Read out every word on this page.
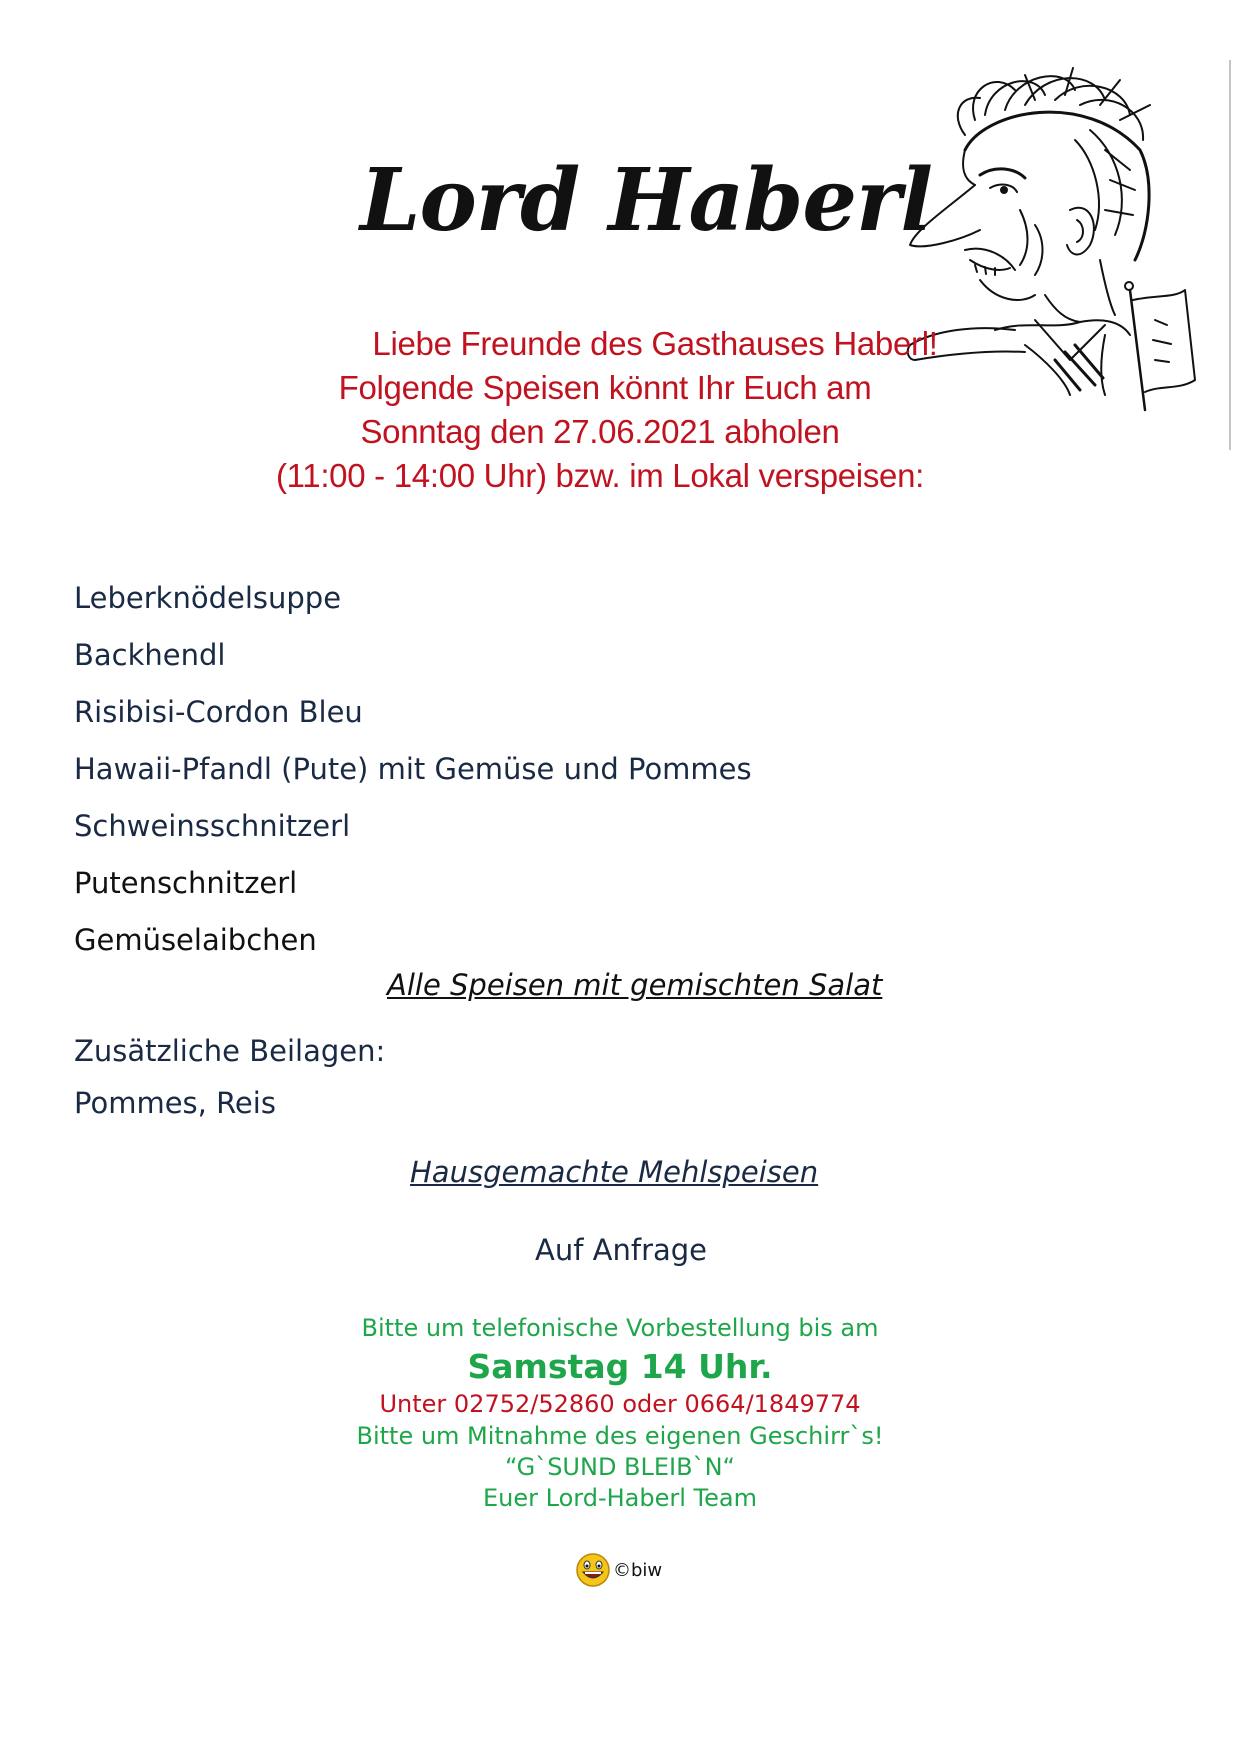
Lord Haberl
Liebe Freunde des Gasthauses Haberl!
Folgende Speisen könnt Ihr Euch am
Sonntag den 27.06.2021 abholen
(11:00 - 14:00 Uhr) bzw. im Lokal verspeisen:
Leberknödelsuppe
Backhendl
Risibisi-Cordon Bleu
Hawaii-Pfandl (Pute) mit Gemüse und Pommes
Schweinsschnitzerl
Putenschnitzerl
Gemüselaibchen
Alle Speisen mit gemischten Salat
Zusätzliche Beilagen:
Pommes, Reis
Hausgemachte Mehlspeisen
Auf Anfrage
Bitte um telefonische Vorbestellung bis am
Samstag 14 Uhr.
Unter 02752/52860 oder 0664/1849774
Bitte um Mitnahme des eigenen Geschirr`s!
“G`SUND BLEIB`N“
Euer Lord-Haberl Team
©biw
